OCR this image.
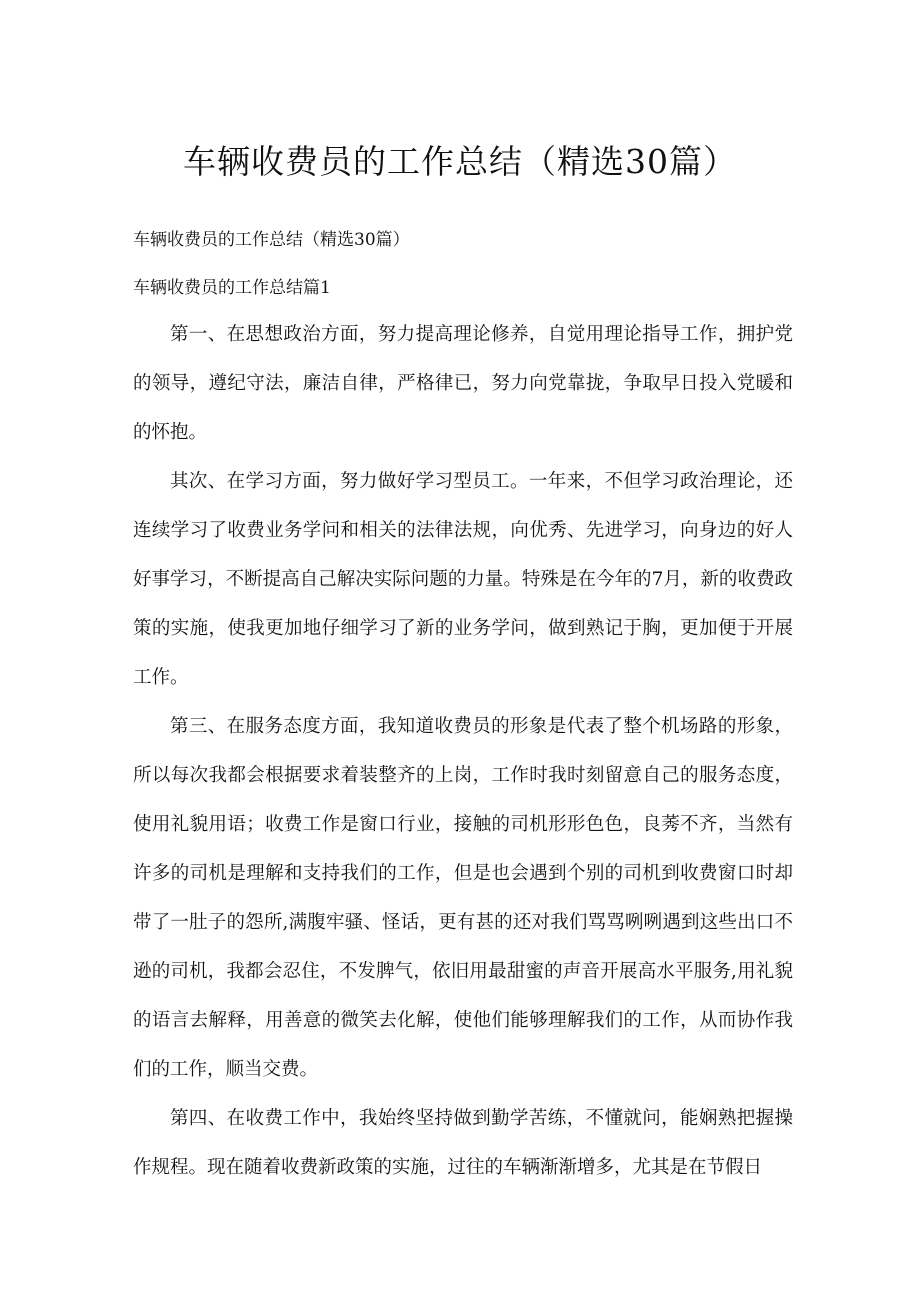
车辆收费员的工作总结（精选30篇）

车辆收费员的工作总结（精选30篇）

车辆收费员的工作总结篇1

第一、在思想政治方面，努力提高理论修养，自觉用理论指导工作，拥护党的领导，遵纪守法，廉洁自律，严格律已，努力向党靠拢，争取早日投入党暖和的怀抱。

其次、在学习方面，努力做好学习型员工。一年来，不但学习政治理论，还连续学习了收费业务学问和相关的法律法规，向优秀、先进学习，向身边的好人好事学习，不断提高自己解决实际问题的力量。特殊是在今年的7月，新的收费政策的实施，使我更加地仔细学习了新的业务学问，做到熟记于胸，更加便于开展工作。

第三、在服务态度方面，我知道收费员的形象是代表了整个机场路的形象，所以每次我都会根据要求着装整齐的上岗，工作时我时刻留意自己的服务态度，使用礼貌用语；收费工作是窗口行业，接触的司机形形色色，良莠不齐，当然有许多的司机是理解和支持我们的工作，但是也会遇到个别的司机到收费窗口时却带了一肚子的怨所,满腹牢骚、怪话，更有甚的还对我们骂骂咧咧遇到这些出口不逊的司机，我都会忍住，不发脾气，依旧用最甜蜜的声音开展高水平服务,用礼貌的语言去解释，用善意的微笑去化解，使他们能够理解我们的工作，从而协作我们的工作，顺当交费。

第四、在收费工作中，我始终坚持做到勤学苦练，不懂就问，能娴熟把握操作规程。现在随着收费新政策的实施，过往的车辆渐渐增多，尤其是在节假日
